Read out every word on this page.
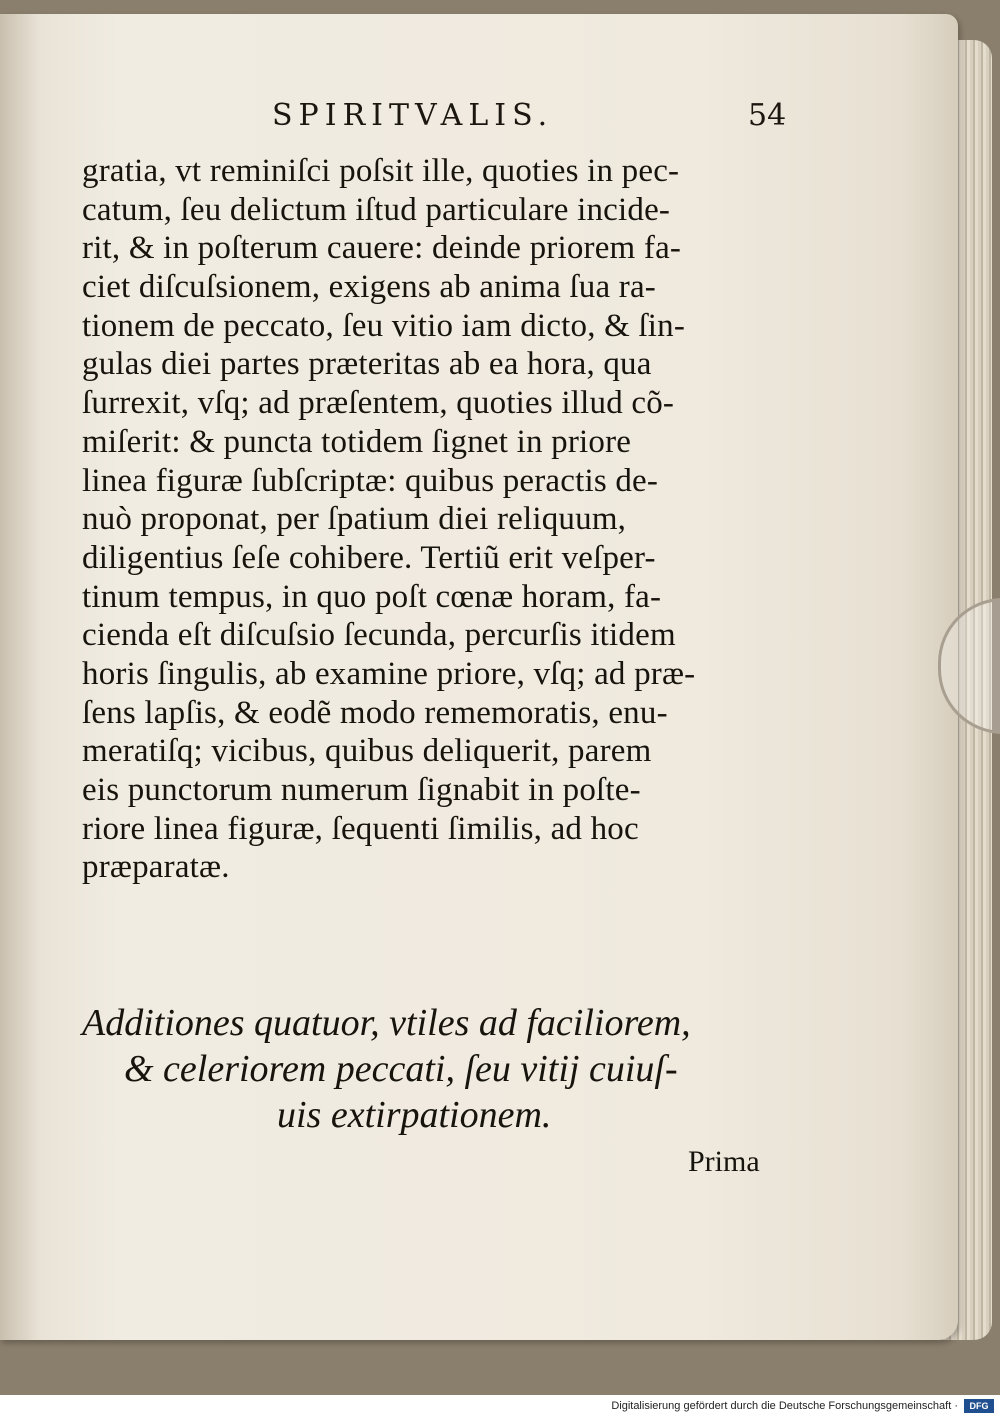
SPIRITVALIS.	54
gratia, vt reminiſci poſsit ille, quoties in pec-
catum, ſeu delictum iſtud particulare incide-
rit, & in poſterum cauere: deinde priorem fa-
ciet diſcuſsionem, exigens ab anima ſua ra-
tionem de peccato, ſeu vitio iam dicto, & ſin-
gulas diei partes præteritas ab ea hora, qua
ſurrexit, vſq; ad præſentem, quoties illud cõ-
miſerit: & puncta totidem ſignet in priore
linea figuræ ſubſcriptæ: quibus peractis de-
nuò proponat, per ſpatium diei reliquum,
diligentius ſeſe cohibere. Tertiũ erit veſper-
tinum tempus, in quo poſt cœnæ horam, fa-
cienda eſt diſcuſsio ſecunda, percurſis itidem
horis ſingulis, ab examine priore, vſq; ad præ-
ſens lapſis, & eodẽ modo rememoratis, enu-
meratiſq; vicibus, quibus deliquerit, parem
eis punctorum numerum ſignabit in poſte-
riore linea figuræ, ſequenti ſimilis, ad hoc
præparatæ.
Additiones quatuor, vtiles ad faciliorem,
& celeriorem peccati, ſeu vitij cuiuſ-
uis extirpationem.
Prima
Digitalisierung gefördert durch die Deutsche Forschungsgemeinschaft ·	DFG
